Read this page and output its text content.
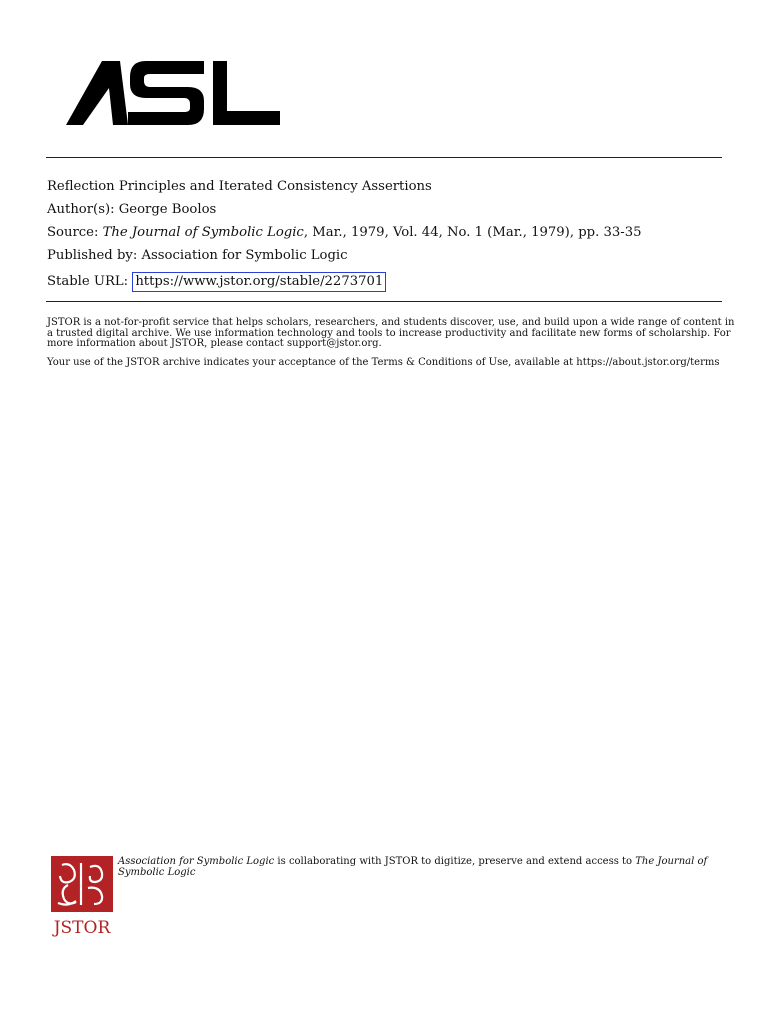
Reflection Principles and Iterated Consistency Assertions
Author(s): George Boolos
Source: The Journal of Symbolic Logic, Mar., 1979, Vol. 44, No. 1 (Mar., 1979), pp. 33-35
Published by: Association for Symbolic Logic
Stable URL: https://www.jstor.org/stable/2273701

JSTOR is a not-for-profit service that helps scholars, researchers, and students discover, use, and build upon a wide range of content in a trusted digital archive. We use information technology and tools to increase productivity and facilitate new forms of scholarship. For more information about JSTOR, please contact support@jstor.org.

Your use of the JSTOR archive indicates your acceptance of the Terms & Conditions of Use, available at https://about.jstor.org/terms

JSTOR
Association for Symbolic Logic is collaborating with JSTOR to digitize, preserve and extend access to The Journal of Symbolic Logic
